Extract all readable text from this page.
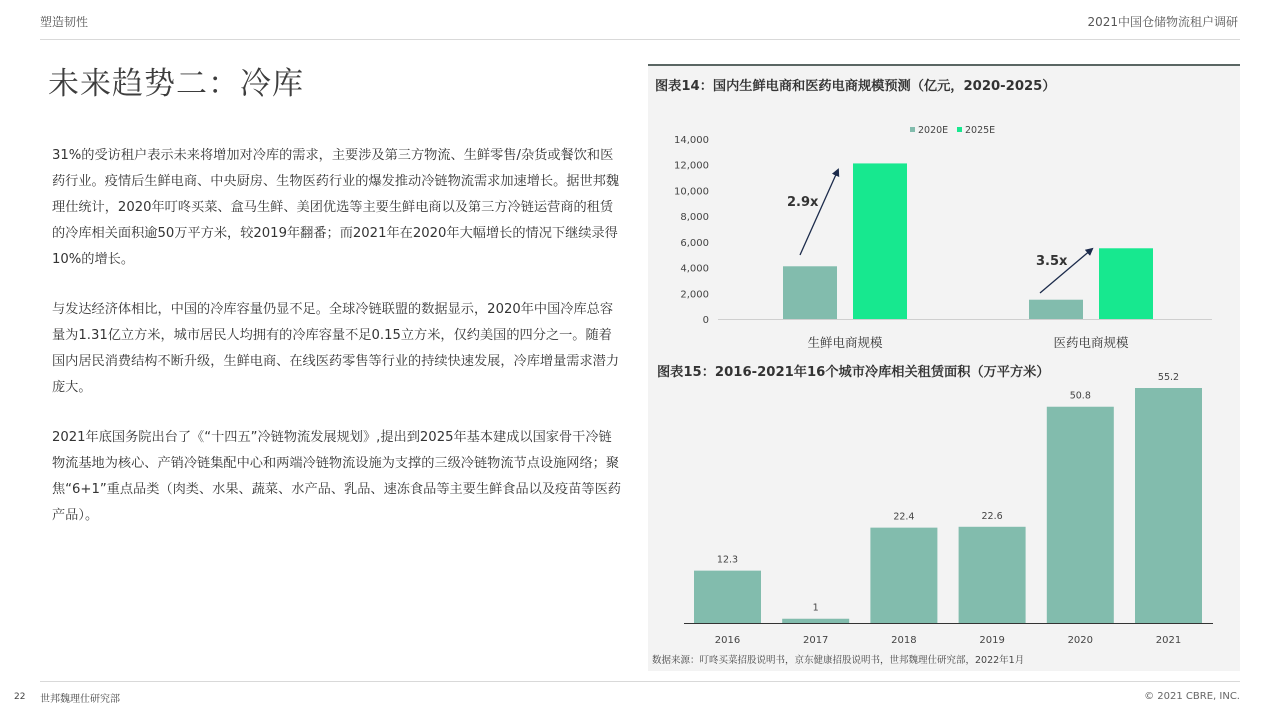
塑造韧性	2021中国仓储物流租户调研
未来趋势二：冷库

31%的受访租户表示未来将增加对冷库的需求，主要涉及第三方物流、生鲜零售/杂货或餐饮和医药行业。疫情后生鲜电商、中央厨房、生物医药行业的爆发推动冷链物流需求加速增长。据世邦魏理仕统计，2020年叮咚买菜、盒马生鲜、美团优选等主要生鲜电商以及第三方冷链运营商的租赁的冷库相关面积逾50万平方米，较2019年翻番；而2021年在2020年大幅增长的情况下继续录得10%的增长。

与发达经济体相比，中国的冷库容量仍显不足。全球冷链联盟的数据显示，2020年中国冷库总容量为1.31亿立方米，城市居民人均拥有的冷库容量不足0.15立方米，仅约美国的四分之一。随着国内居民消费结构不断升级，生鲜电商、在线医药零售等行业的持续快速发展，冷库增量需求潜力庞大。

2021年底国务院出台了《“十四五”冷链物流发展规划》,提出到2025年基本建成以国家骨干冷链物流基地为核心、产销冷链集配中心和两端冷链物流设施为支撑的三级冷链物流节点设施网络；聚焦“6+1”重点品类（肉类、水果、蔬菜、水产品、乳品、速冻食品等主要生鲜食品以及疫苗等医药产品）。

图表14：国内生鲜电商和医药电商规模预测（亿元，2020-2025）
图表15：2016-2021年16个城市冷库相关租赁面积（万平方米）
0
2,000
4,000
6,000
8,000
10,000
12,000
14,000
2020E 2025E
生鲜电商规模	医药电商规模
2.9x
3.5x
12.3
2016
1
2017
22.4
2018
22.6
2019
50.8
2020
55.2
2021
数据来源：叮咚买菜招股说明书，京东健康招股说明书，世邦魏理仕研究部，2022年1月
22 世邦魏理仕研究部	© 2021 CBRE, INC.
